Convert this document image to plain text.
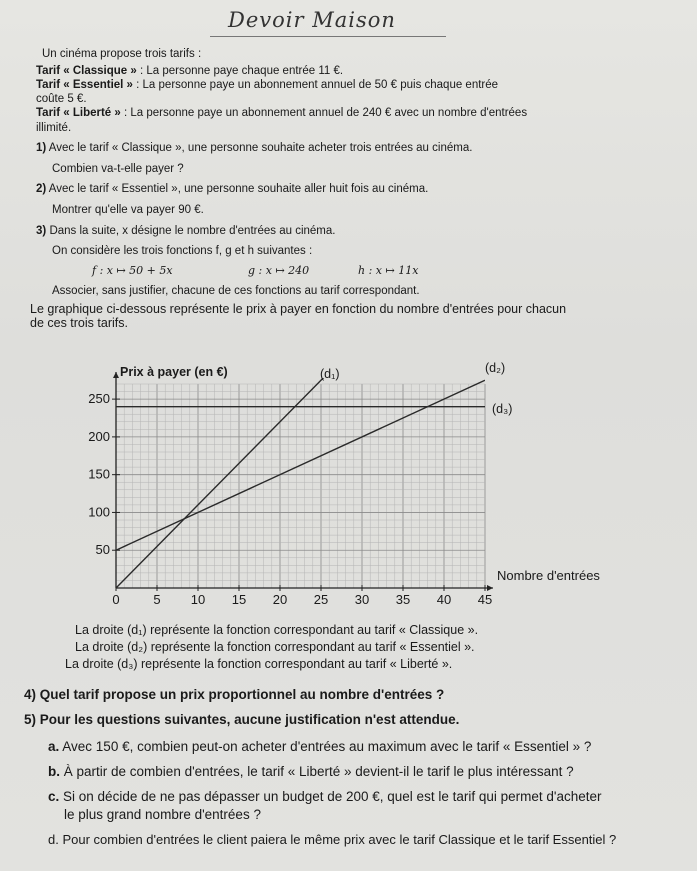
Devoir Maison
Un cinéma propose trois tarifs :
Tarif « Classique » : La personne paye chaque entrée 11 €.
Tarif « Essentiel » : La personne paye un abonnement annuel de 50 € puis chaque entrée
coûte 5 €.
Tarif « Liberté » : La personne paye un abonnement annuel de 240 € avec un nombre d'entrées
illimité.
1) Avec le tarif « Classique », une personne souhaite acheter trois entrées au cinéma.
Combien va-t-elle payer ?
2) Avec le tarif « Essentiel », une personne souhaite aller huit fois au cinéma.
Montrer qu'elle va payer 90 €.
3) Dans la suite, x désigne le nombre d'entrées au cinéma.
On considère les trois fonctions f, g et h suivantes :
f : x ↦ 50 + 5x	g : x ↦ 240	h : x ↦ 11x
Associer, sans justifier, chacune de ces fonctions au tarif correspondant.
Le graphique ci-dessous représente le prix à payer en fonction du nombre d'entrées pour chacun
de ces trois tarifs.
0	5 10 15 20 25 30 35 40 45
50
100
150
200
250
Prix à payer (en €)
Nombre d'entrées
(d₁)	(d₂)
(d₃)
La droite (d₁) représente la fonction correspondant au tarif « Classique ».
La droite (d₂) représente la fonction correspondant au tarif « Essentiel ».
La droite (d₃) représente la fonction correspondant au tarif « Liberté ».
4) Quel tarif propose un prix proportionnel au nombre d'entrées ?
5) Pour les questions suivantes, aucune justification n'est attendue.
a. Avec 150 €, combien peut-on acheter d'entrées au maximum avec le tarif « Essentiel » ?
b. À partir de combien d'entrées, le tarif « Liberté » devient-il le tarif le plus intéressant ?
c. Si on décide de ne pas dépasser un budget de 200 €, quel est le tarif qui permet d'acheter
le plus grand nombre d'entrées ?
d. Pour combien d'entrées le client paiera le même prix avec le tarif Classique et le tarif Essentiel ?
